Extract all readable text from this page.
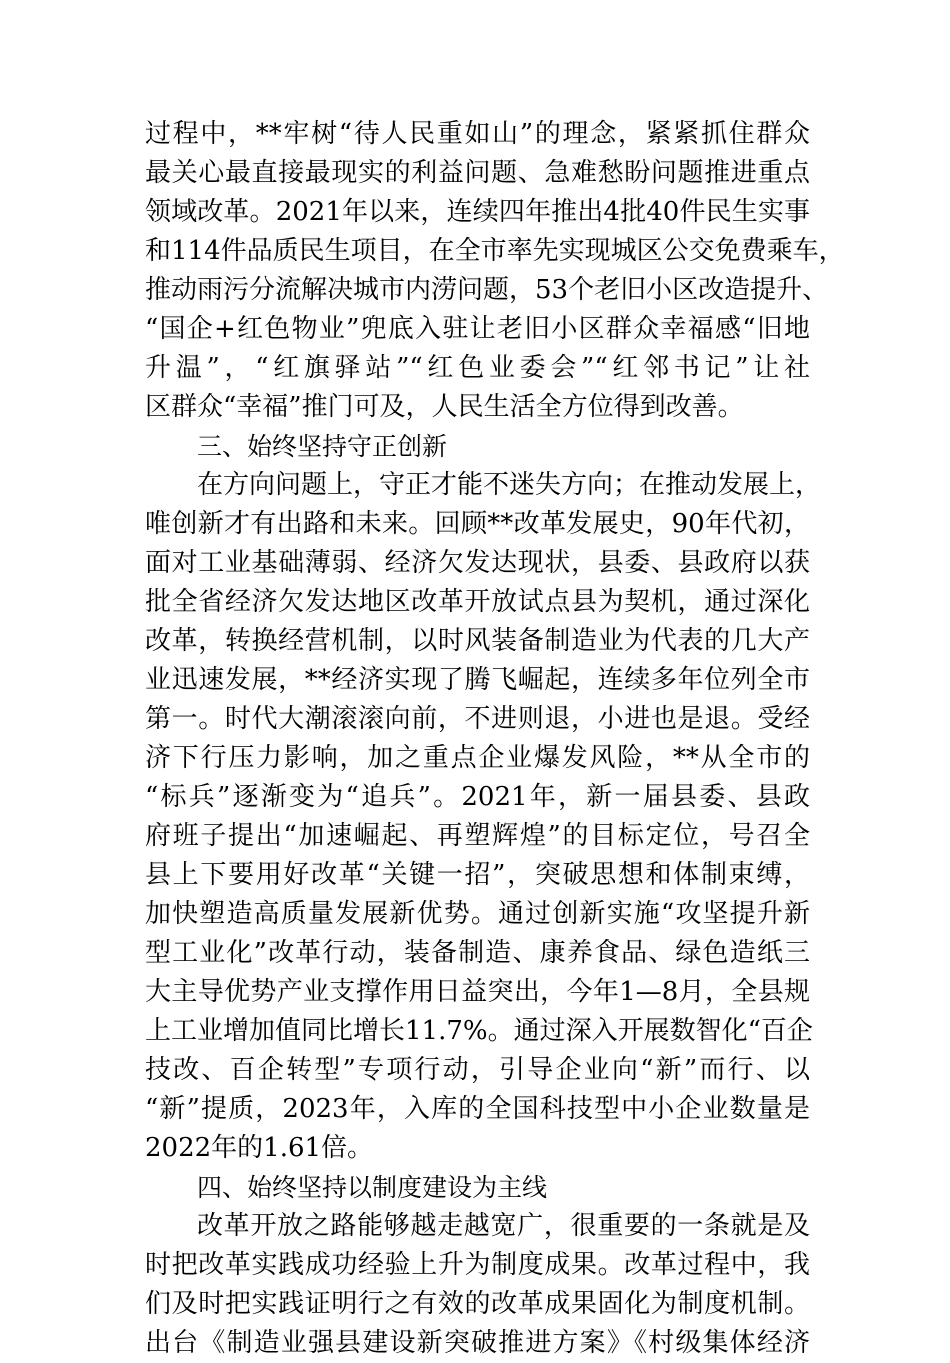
过程中，**牢树“待人民重如山”的理念，紧紧抓住群众
最关心最直接最现实的利益问题、急难愁盼问题推进重点
领域改革。2021年以来，连续四年推出4批40件民生实事
和114件品质民生项目，在全市率先实现城区公交免费乘车，
推动雨污分流解决城市内涝问题，53个老旧小区改造提升、
“国企+红色物业”兜底入驻让老旧小区群众幸福感“旧地
升温”，“红旗驿站”“红色业委会”“红邻书记”让社
区群众“幸福”推门可及，人民生活全方位得到改善。
三、始终坚持守正创新
在方向问题上，守正才能不迷失方向；在推动发展上，
唯创新才有出路和未来。回顾**改革发展史，90年代初，
面对工业基础薄弱、经济欠发达现状，县委、县政府以获
批全省经济欠发达地区改革开放试点县为契机，通过深化
改革，转换经营机制，以时风装备制造业为代表的几大产
业迅速发展，**经济实现了腾飞崛起，连续多年位列全市
第一。时代大潮滚滚向前，不进则退，小进也是退。受经
济下行压力影响，加之重点企业爆发风险，**从全市的
“标兵”逐渐变为“追兵”。2021年，新一届县委、县政
府班子提出“加速崛起、再塑辉煌”的目标定位，号召全
县上下要用好改革“关键一招”，突破思想和体制束缚，
加快塑造高质量发展新优势。通过创新实施“攻坚提升新
型工业化”改革行动，装备制造、康养食品、绿色造纸三
大主导优势产业支撑作用日益突出，今年1—8月，全县规
上工业增加值同比增长11.7%。通过深入开展数智化“百企
技改、百企转型”专项行动，引导企业向“新”而行、以
“新”提质，2023年，入库的全国科技型中小企业数量是
2022年的1.61倍。
四、始终坚持以制度建设为主线
改革开放之路能够越走越宽广，很重要的一条就是及
时把改革实践成功经验上升为制度成果。改革过程中，我
们及时把实践证明行之有效的改革成果固化为制度机制。
出台《制造业强县建设新突破推进方案》《村级集体经济
